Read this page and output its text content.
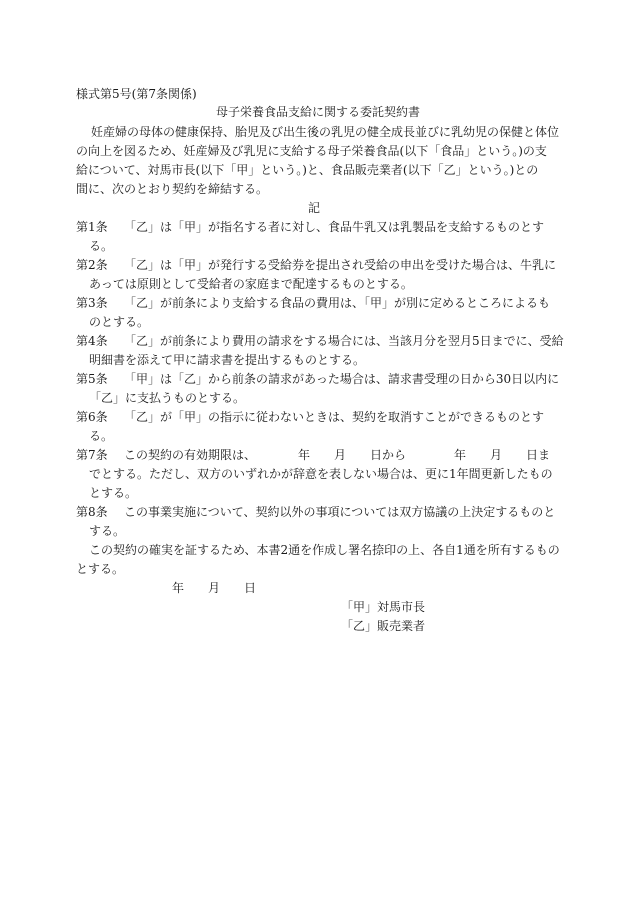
様式第5号(第7条関係)
母子栄養食品支給に関する委託契約書
妊産婦の母体の健康保持、胎児及び出生後の乳児の健全成長並びに乳幼児の保健と体位
の向上を図るため、妊産婦及び乳児に支給する母子栄養食品(以下「食品」という。)の支
給について、対馬市長(以下「甲」という。)と、食品販売業者(以下「乙」という。)との
間に、次のとおり契約を締結する。
記
第1条 「乙」は「甲」が指名する者に対し、食品牛乳又は乳製品を支給するものとす
る。
第2条 「乙」は「甲」が発行する受給券を提出され受給の申出を受けた場合は、牛乳に
あっては原則として受給者の家庭まで配達するものとする。
第3条 「乙」が前条により支給する食品の費用は、「甲」が別に定めるところによるも
のとする。
第4条 「乙」が前条により費用の請求をする場合には、当該月分を翌月5日までに、受給
明細書を添えて甲に請求書を提出するものとする。
第5条 「甲」は「乙」から前条の請求があった場合は、請求書受理の日から30日以内に
「乙」に支払うものとする。
第6条 「乙」が「甲」の指示に従わないときは、契約を取消すことができるものとす
る。
第7条 この契約の有効期限は、　　　　年　　月　　日から　　　　年　　月　　日ま
でとする。ただし、双方のいずれかが辞意を表しない場合は、更に1年間更新したもの
とする。
第8条 この事業実施について、契約以外の事項については双方協議の上決定するものと
する。
この契約の確実を証するため、本書2通を作成し署名捺印の上、各自1通を所有するもの
とする。
年　　月　　日
「甲」対馬市長
「乙」販売業者
